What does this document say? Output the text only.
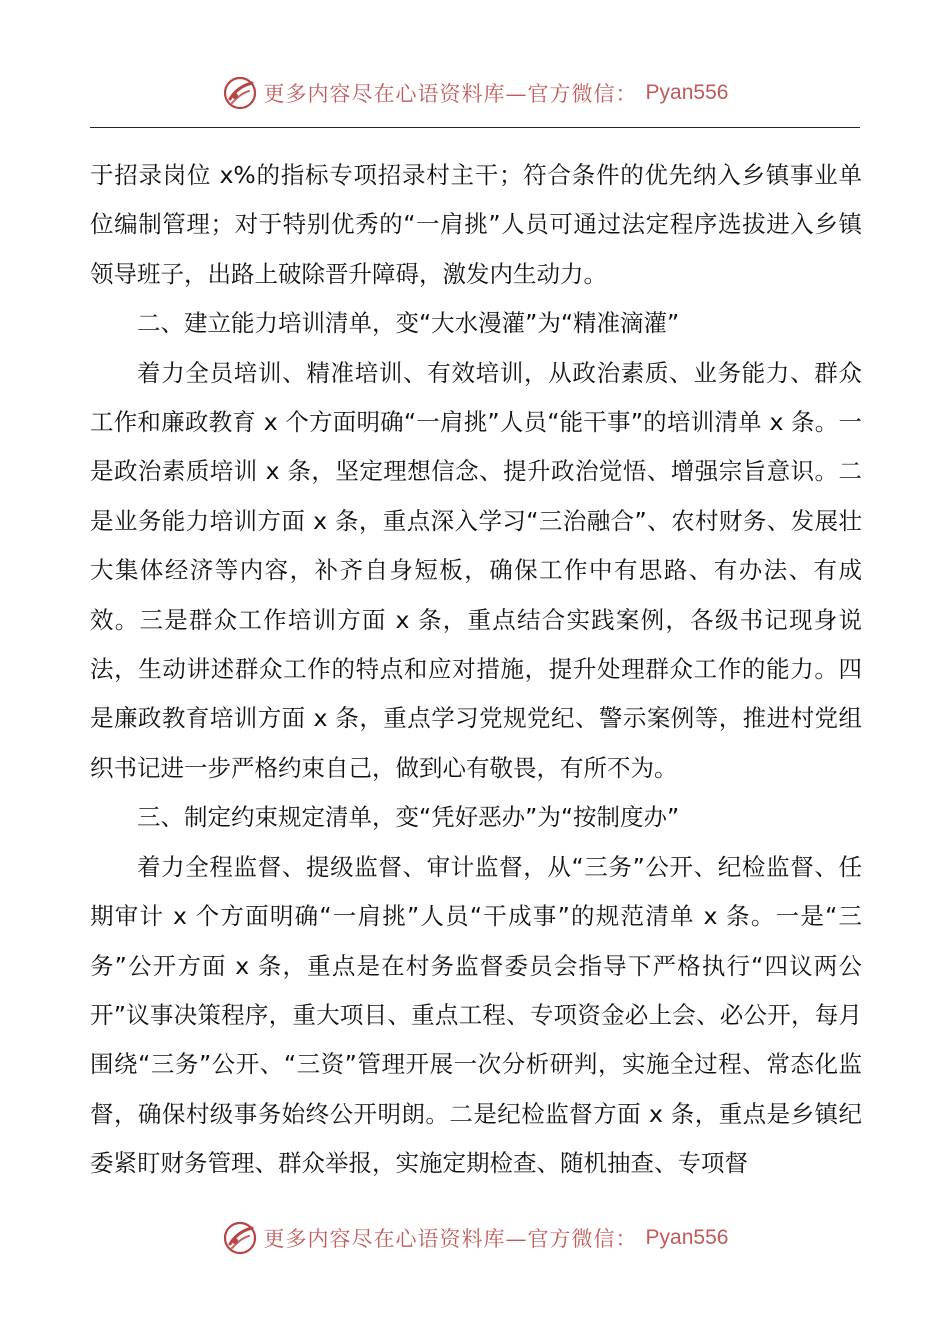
更多内容尽在心语资料库—官方微信： Pyan556

于招录岗位 x%的指标专项招录村主干；符合条件的优先纳入乡镇事业单位编制管理；对于特别优秀的“一肩挑”人员可通过法定程序选拔进入乡镇领导班子，出路上破除晋升障碍，激发内生动力。

二、建立能力培训清单，变“大水漫灌”为“精准滴灌”

着力全员培训、精准培训、有效培训，从政治素质、业务能力、群众工作和廉政教育 x 个方面明确“一肩挑”人员“能干事”的培训清单 x 条。一是政治素质培训 x 条，坚定理想信念、提升政治觉悟、增强宗旨意识。二是业务能力培训方面 x 条，重点深入学习“三治融合”、农村财务、发展壮大集体经济等内容，补齐自身短板，确保工作中有思路、有办法、有成效。三是群众工作培训方面 x 条，重点结合实践案例，各级书记现身说法，生动讲述群众工作的特点和应对措施，提升处理群众工作的能力。四是廉政教育培训方面 x 条，重点学习党规党纪、警示案例等，推进村党组织书记进一步严格约束自己，做到心有敬畏，有所不为。

三、制定约束规定清单，变“凭好恶办”为“按制度办”

着力全程监督、提级监督、审计监督，从“三务”公开、纪检监督、任期审计 x 个方面明确“一肩挑”人员“干成事”的规范清单 x 条。一是“三务”公开方面 x 条，重点是在村务监督委员会指导下严格执行“四议两公开”议事决策程序，重大项目、重点工程、专项资金必上会、必公开，每月围绕“三务”公开、“三资”管理开展一次分析研判，实施全过程、常态化监督，确保村级事务始终公开明朗。二是纪检监督方面 x 条，重点是乡镇纪委紧盯财务管理、群众举报，实施定期检查、随机抽查、专项督

更多内容尽在心语资料库—官方微信： Pyan556
